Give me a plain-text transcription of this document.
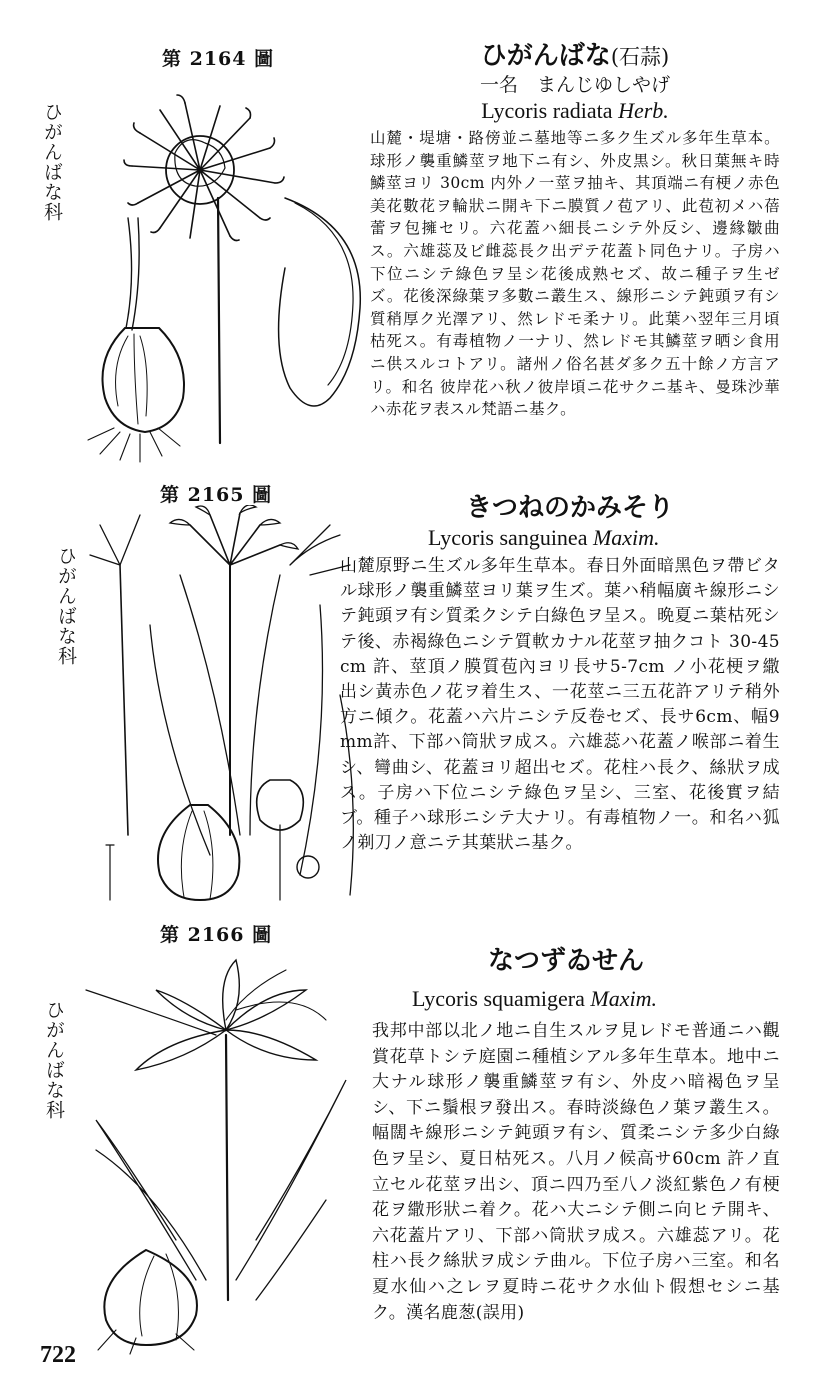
第 2164 圖
ひがんばな科
ひがんばな(石蒜)
一名　まんじゆしやげ
Lycoris radiata Herb.

山麓・堤塘・路傍並ニ墓地等ニ多ク生ズル多年生草本。球形ノ襲重鱗莖ヲ地下ニ有シ、外皮黒シ。秋日葉無キ時鱗莖ヨリ 30cm 内外ノ一莖ヲ抽キ、其頂端ニ有梗ノ赤色美花數花ヲ輪狀ニ開キ下ニ膜質ノ苞アリ、此苞初メハ蓓蕾ヲ包擁セリ。六花蓋ハ細長ニシテ外反シ、邊緣皺曲ス。六雄蕊及ビ雌蕊長ク出デテ花蓋ト同色ナリ。子房ハ下位ニシテ綠色ヲ呈シ花後成熟セズ、故ニ種子ヲ生ゼズ。花後深綠葉ヲ多數ニ叢生ス、線形ニシテ鈍頭ヲ有シ質稍厚ク光澤アリ、然レドモ柔ナリ。此葉ハ翌年三月頃枯死ス。有毒植物ノ一ナリ、然レドモ其鱗莖ヲ晒シ食用ニ供スルコトアリ。諸州ノ俗名甚ダ多ク五十餘ノ方言アリ。和名 彼岸花ハ秋ノ彼岸頃ニ花サクニ基キ、曼珠沙華ハ赤花ヲ表スル梵語ニ基ク。

第 2165 圖
ひがんばな科
きつねのかみそり
Lycoris sanguinea Maxim.

山麓原野ニ生ズル多年生草本。春日外面暗黑色ヲ帶ビタル球形ノ襲重鱗莖ヨリ葉ヲ生ズ。葉ハ稍幅廣キ線形ニシテ鈍頭ヲ有シ質柔クシテ白綠色ヲ呈ス。晩夏ニ葉枯死シテ後、赤褐綠色ニシテ質軟カナル花莖ヲ抽クコト 30-45cm 許、莖頂ノ膜質苞內ヨリ長サ5-7cm ノ小花梗ヲ繖出シ黃赤色ノ花ヲ着生ス、一花莖ニ三五花許アリテ稍外方ニ傾ク。花蓋ハ六片ニシテ反卷セズ、長サ6cm、幅9mm許、下部ハ筒狀ヲ成ス。六雄蕊ハ花蓋ノ喉部ニ着生シ、彎曲シ、花蓋ヨリ超出セズ。花柱ハ長ク、絲狀ヲ成ス。子房ハ下位ニシテ綠色ヲ呈シ、三室、花後實ヲ結ブ。種子ハ球形ニシテ大ナリ。有毒植物ノ一。和名ハ狐ノ剃刀ノ意ニテ其葉狀ニ基ク。

第 2166 圖
ひがんばな科
なつずゐせん
Lycoris squamigera Maxim.

我邦中部以北ノ地ニ自生スルヲ見レドモ普通ニハ觀賞花草トシテ庭園ニ種植シアル多年生草本。地中ニ大ナル球形ノ襲重鱗莖ヲ有シ、外皮ハ暗褐色ヲ呈シ、下ニ鬚根ヲ發出ス。春時淡綠色ノ葉ヲ叢生ス。幅闊キ線形ニシテ鈍頭ヲ有シ、質柔ニシテ多少白綠色ヲ呈シ、夏日枯死ス。八月ノ候高サ60cm 許ノ直立セル花莖ヲ出シ、頂ニ四乃至八ノ淡紅紫色ノ有梗花ヲ繖形狀ニ着ク。花ハ大ニシテ側ニ向ヒテ開キ、六花蓋片アリ、下部ハ筒狀ヲ成ス。六雄蕊アリ。花柱ハ長ク絲狀ヲ成シテ曲ル。下位子房ハ三室。和名夏水仙ハ之レヲ夏時ニ花サク水仙ト假想セシニ基ク。漢名鹿葱(誤用)

722
